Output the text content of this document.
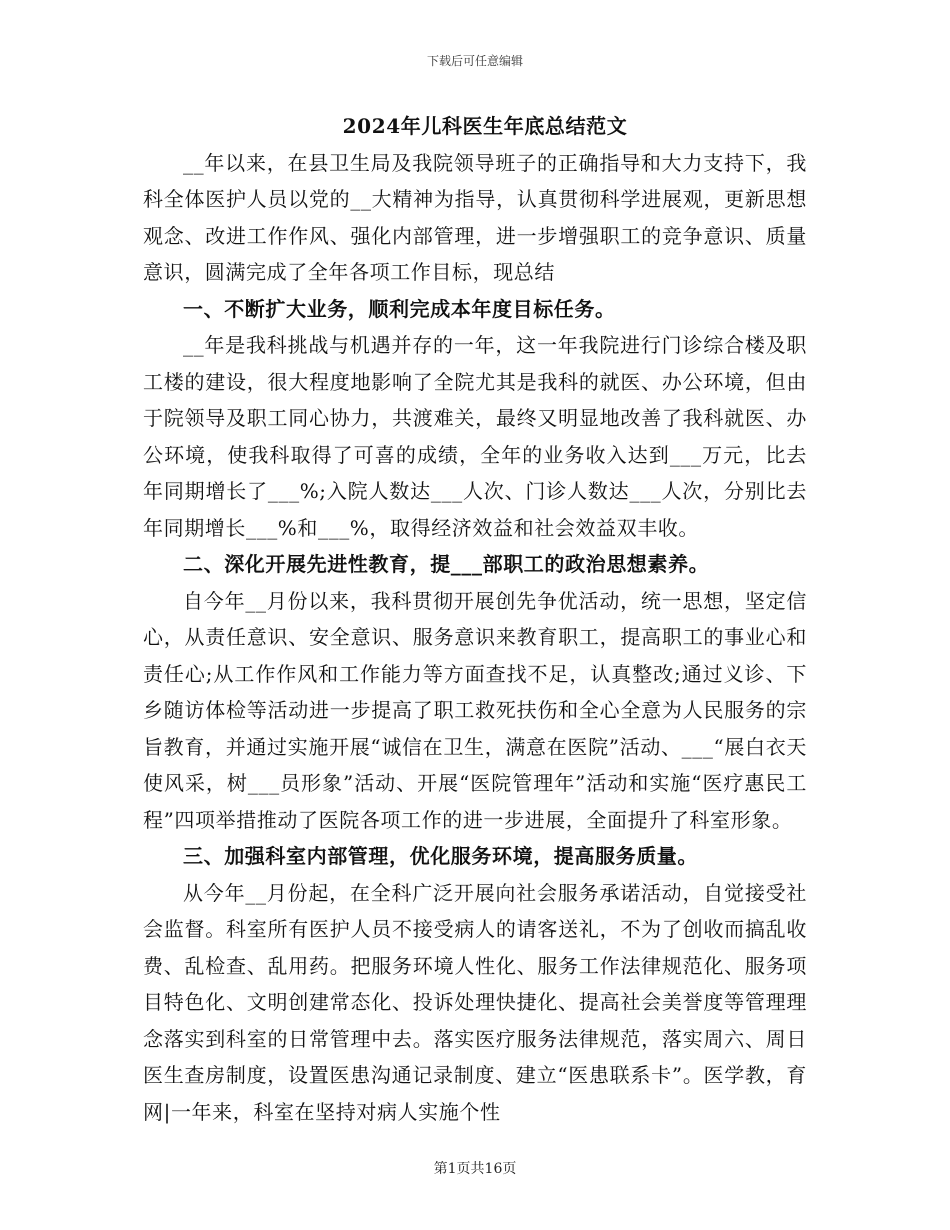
下载后可任意编辑
2024年儿科医生年底总结范文

__年以来，在县卫生局及我院领导班子的正确指导和大力支持下，我科全体医护人员以党的__大精神为指导，认真贯彻科学进展观，更新思想观念、改进工作作风、强化内部管理，进一步增强职工的竞争意识、质量意识，圆满完成了全年各项工作目标，现总结

一、不断扩大业务，顺利完成本年度目标任务。

__年是我科挑战与机遇并存的一年，这一年我院进行门诊综合楼及职工楼的建设，很大程度地影响了全院尤其是我科的就医、办公环境，但由于院领导及职工同心协力，共渡难关，最终又明显地改善了我科就医、办公环境，使我科取得了可喜的成绩，全年的业务收入达到___万元，比去年同期增长了___%;入院人数达___人次、门诊人数达___人次，分别比去年同期增长___%和___%，取得经济效益和社会效益双丰收。

二、深化开展先进性教育，提___部职工的政治思想素养。

自今年__月份以来，我科贯彻开展创先争优活动，统一思想，坚定信心，从责任意识、安全意识、服务意识来教育职工，提高职工的事业心和责任心;从工作作风和工作能力等方面查找不足，认真整改;通过义诊、下乡随访体检等活动进一步提高了职工救死扶伤和全心全意为人民服务的宗旨教育，并通过实施开展“诚信在卫生，满意在医院”活动、___“展白衣天使风采，树___员形象”活动、开展“医院管理年”活动和实施“医疗惠民工程”四项举措推动了医院各项工作的进一步进展，全面提升了科室形象。

三、加强科室内部管理，优化服务环境，提高服务质量。

从今年__月份起，在全科广泛开展向社会服务承诺活动，自觉接受社会监督。科室所有医护人员不接受病人的请客送礼，不为了创收而搞乱收费、乱检查、乱用药。把服务环境人性化、服务工作法律规范化、服务项目特色化、文明创建常态化、投诉处理快捷化、提高社会美誉度等管理理念落实到科室的日常管理中去。落实医疗服务法律规范，落实周六、周日医生查房制度，设置医患沟通记录制度、建立“医患联系卡”。医学教，育网|一年来，科室在坚持对病人实施个性

第1页共16页
